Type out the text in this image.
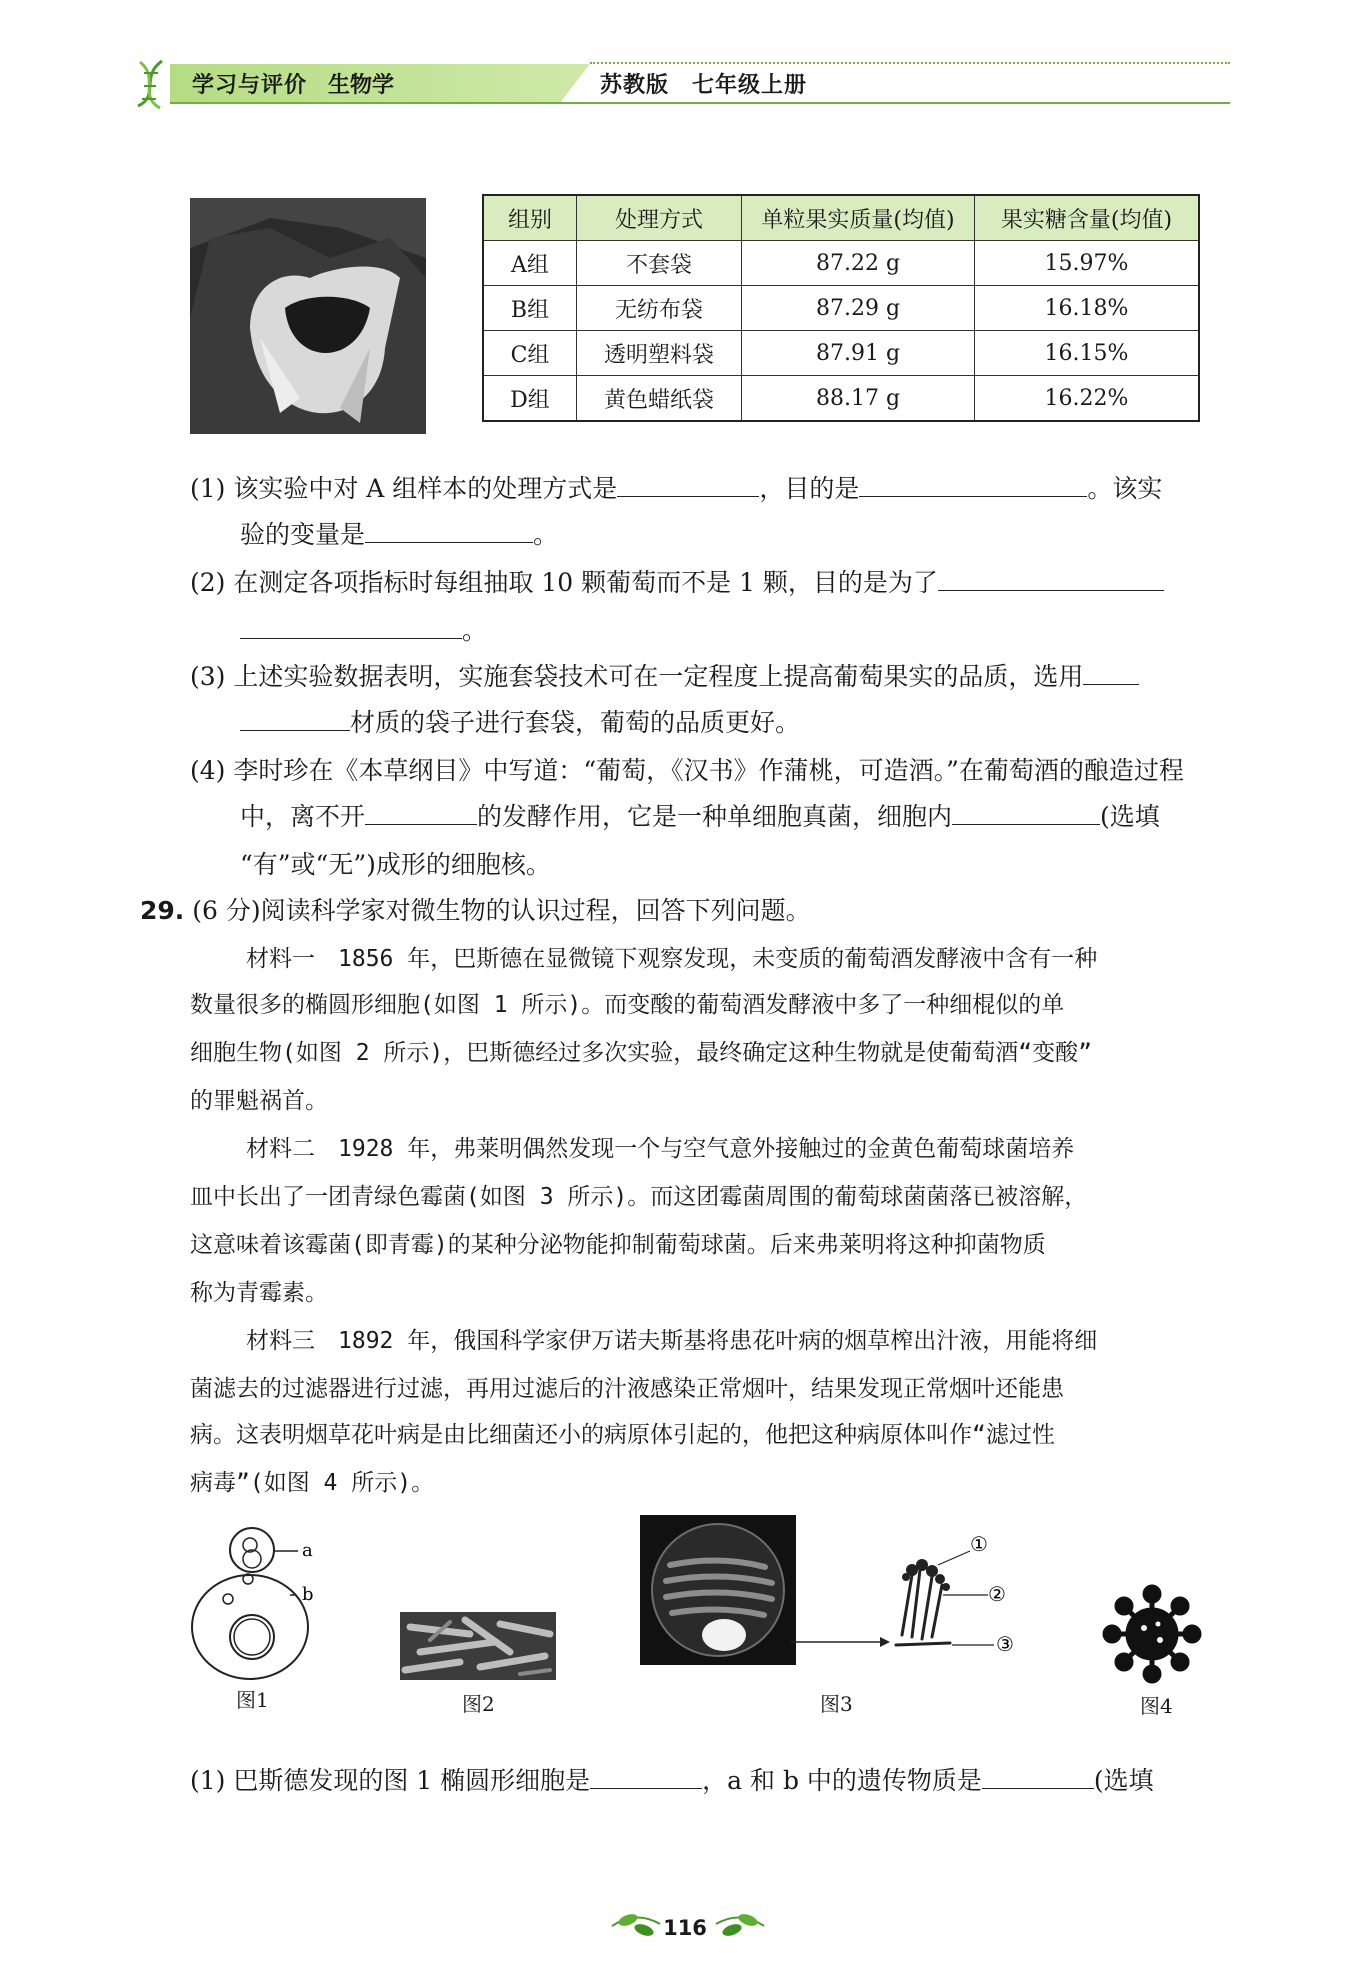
学习与评价 生物学	苏教版　七年级上册
组别	处理方式	单粒果实质量(均值)	果实糖含量(均值)
A组	不套袋	87.22 g	15.97%
B组	无纺布袋	87.29 g	16.18%
C组	透明塑料袋	87.91 g	16.15%
D组	黄色蜡纸袋	88.17 g	16.22%
(1) 该实验中对 A 组样本的处理方式是	，目的是	。该实
验的变量是	。
(2) 在测定各项指标时每组抽取 10 颗葡萄而不是 1 颗，目的是为了
。
(3) 上述实验数据表明，实施套袋技术可在一定程度上提高葡萄果实的品质，选用
材质的袋子进行套袋，葡萄的品质更好。
(4) 李时珍在《本草纲目》中写道：“葡萄，《汉书》作蒲桃，可造酒。”在葡萄酒的酿造过程
中，离不开	的发酵作用，它是一种单细胞真菌，细胞内	(选填
“有”或“无”)成形的细胞核。
29. (6 分)阅读科学家对微生物的认识过程，回答下列问题。
材料一　1856 年，巴斯德在显微镜下观察发现，未变质的葡萄酒发酵液中含有一种
数量很多的椭圆形细胞(如图 1 所示)。而变酸的葡萄酒发酵液中多了一种细棍似的单
细胞生物(如图 2 所示)，巴斯德经过多次实验，最终确定这种生物就是使葡萄酒“变酸”
的罪魁祸首。
材料二　1928 年，弗莱明偶然发现一个与空气意外接触过的金黄色葡萄球菌培养
皿中长出了一团青绿色霉菌(如图 3 所示)。而这团霉菌周围的葡萄球菌菌落已被溶解，
这意味着该霉菌(即青霉)的某种分泌物能抑制葡萄球菌。后来弗莱明将这种抑菌物质
称为青霉素。
材料三　1892 年，俄国科学家伊万诺夫斯基将患花叶病的烟草榨出汁液，用能将细
菌滤去的过滤器进行过滤，再用过滤后的汁液感染正常烟叶，结果发现正常烟叶还能患
病。这表明烟草花叶病是由比细菌还小的病原体引起的，他把这种病原体叫作“滤过性
病毒”(如图 4 所示)。
a
b
图1	图2
①
②
③
图3	图4
(1) 巴斯德发现的图 1 椭圆形细胞是	，a 和 b 中的遗传物质是	(选填
116
